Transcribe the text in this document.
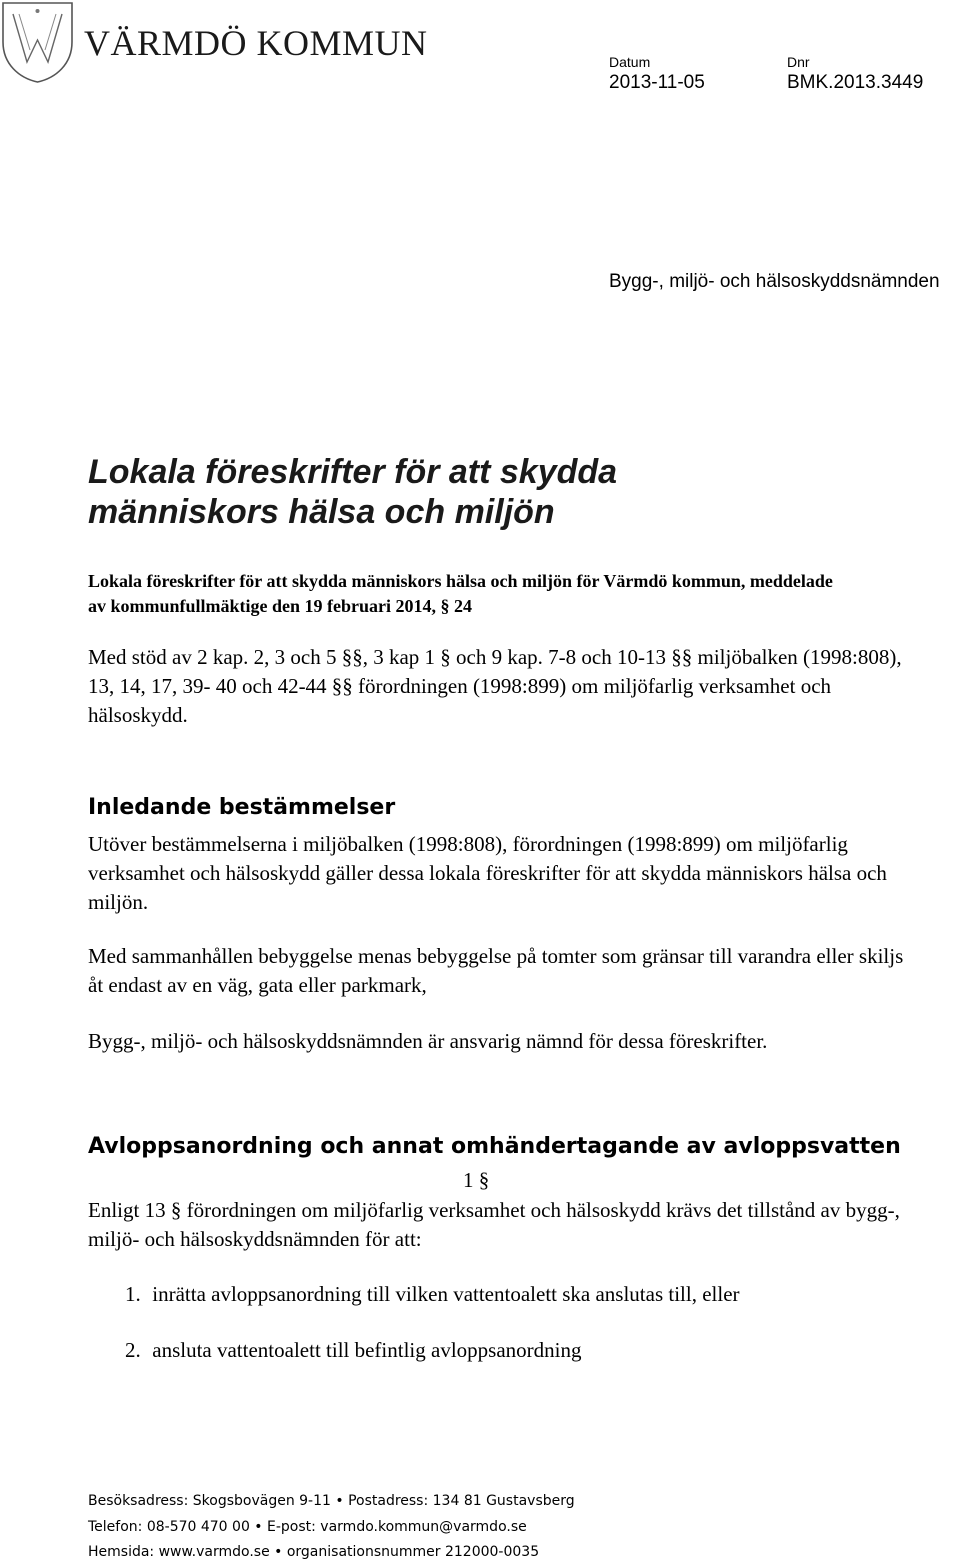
VÄRMDÖ KOMMUN	Datum
2013-11-05
Dnr
BMK.2013.3449
Bygg-, miljö- och hälsoskyddsnämnden
Lokala föreskrifter för att skydda
människors hälsa och miljön

Lokala föreskrifter för att skydda människors hälsa och miljön för Värmdö kommun, meddelade av kommunfullmäktige den 19 februari 2014, § 24

Med stöd av 2 kap. 2, 3 och 5 §§, 3 kap 1 § och 9 kap. 7-8 och 10-13 §§ miljöbalken (1998:808), 13, 14, 17, 39- 40 och 42-44 §§ förordningen (1998:899) om miljöfarlig verksamhet och hälsoskydd.

Inledande bestämmelser

Utöver bestämmelserna i miljöbalken (1998:808), förordningen (1998:899) om miljöfarlig verksamhet och hälsoskydd gäller dessa lokala föreskrifter för att skydda människors hälsa och miljön.

Med sammanhållen bebyggelse menas bebyggelse på tomter som gränsar till varandra eller skiljs åt endast av en väg, gata eller parkmark,

Bygg-, miljö- och hälsoskyddsnämnden är ansvarig nämnd för dessa föreskrifter.

Avloppsanordning och annat omhändertagande av avloppsvatten
1 §

Enligt 13 § förordningen om miljöfarlig verksamhet och hälsoskydd krävs det tillstånd av bygg-, miljö- och hälsoskyddsnämnden för att:

1. inrätta avloppsanordning till vilken vattentoalett ska anslutas till, eller
2. ansluta vattentoalett till befintlig avloppsanordning
Besöksadress: Skogsbovägen 9-11 • Postadress: 134 81 Gustavsberg
Telefon: 08-570 470 00 • E-post: varmdo.kommun@varmdo.se
Hemsida: www.varmdo.se • organisationsnummer 212000-0035
